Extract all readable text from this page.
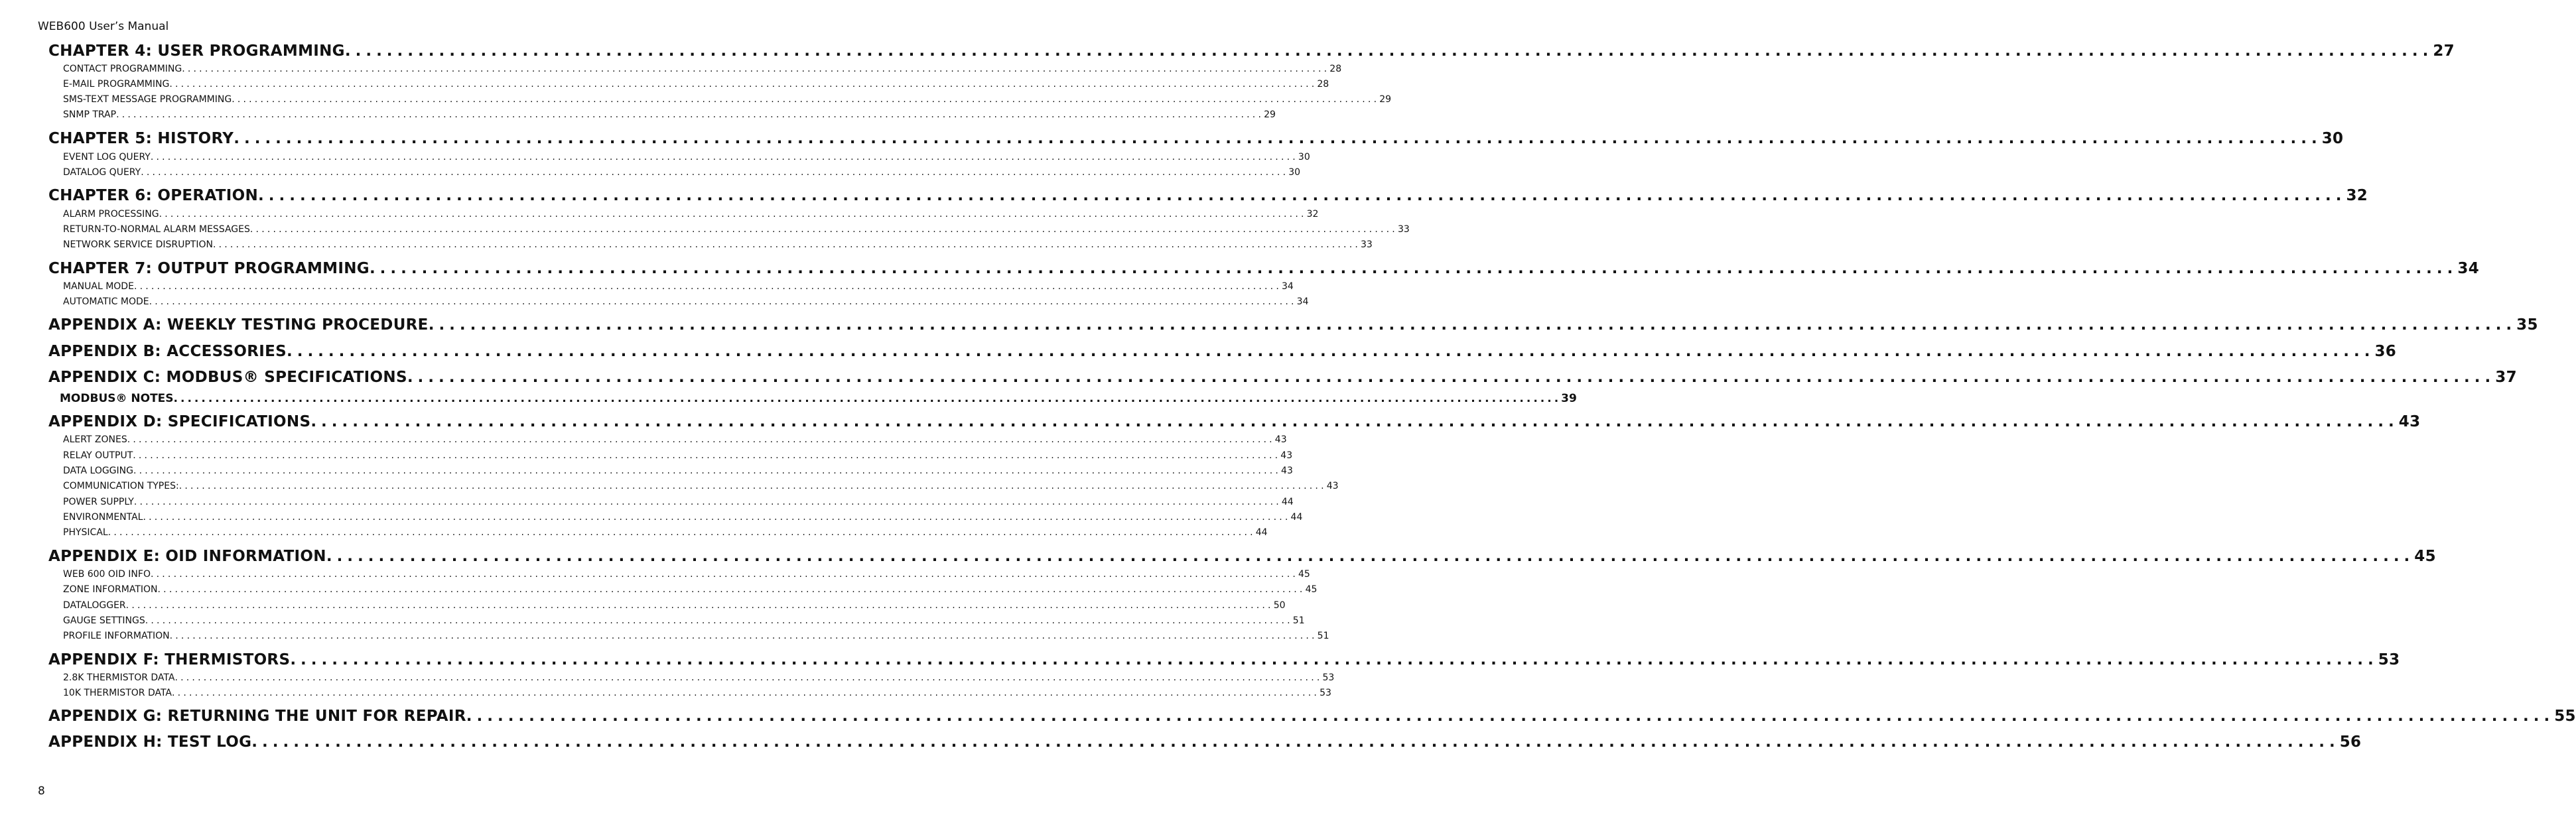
WEB600 User’s Manual
CHAPTER 4: USER PROGRAMMING ........................................................................................................................................................................................................ 27
CONTACT PROGRAMMING ........................................................................................................................................................................................................ 28
E-MAIL PROGRAMMING ........................................................................................................................................................................................................ 28
SMS-TEXT MESSAGE PROGRAMMING ........................................................................................................................................................................................................ 29
SNMP TRAP ........................................................................................................................................................................................................ 29
CHAPTER 5: HISTORY ........................................................................................................................................................................................................ 30
EVENT LOG QUERY ........................................................................................................................................................................................................ 30
DATALOG QUERY ........................................................................................................................................................................................................ 30
CHAPTER 6: OPERATION ........................................................................................................................................................................................................ 32
ALARM PROCESSING ........................................................................................................................................................................................................ 32
RETURN-TO-NORMAL ALARM MESSAGES ........................................................................................................................................................................................................ 33
NETWORK SERVICE DISRUPTION ........................................................................................................................................................................................................ 33
CHAPTER 7: OUTPUT PROGRAMMING ........................................................................................................................................................................................................ 34
MANUAL MODE ........................................................................................................................................................................................................ 34
AUTOMATIC MODE ........................................................................................................................................................................................................ 34
APPENDIX A: WEEKLY TESTING PROCEDURE ........................................................................................................................................................................................................ 35
APPENDIX B: ACCESSORIES ........................................................................................................................................................................................................ 36
APPENDIX C: MODBUS® SPECIFICATIONS ........................................................................................................................................................................................................ 37
MODBUS® NOTES ........................................................................................................................................................................................................ 39
APPENDIX D: SPECIFICATIONS ........................................................................................................................................................................................................ 43
ALERT ZONES ........................................................................................................................................................................................................ 43
RELAY OUTPUT ........................................................................................................................................................................................................ 43
DATA LOGGING ........................................................................................................................................................................................................ 43
COMMUNICATION TYPES: ........................................................................................................................................................................................................ 43
POWER SUPPLY ........................................................................................................................................................................................................ 44
ENVIRONMENTAL ........................................................................................................................................................................................................ 44
PHYSICAL ........................................................................................................................................................................................................ 44
APPENDIX E: OID INFORMATION ........................................................................................................................................................................................................ 45
WEB 600 OID INFO ........................................................................................................................................................................................................ 45
ZONE INFORMATION ........................................................................................................................................................................................................ 45
DATALOGGER ........................................................................................................................................................................................................ 50
GAUGE SETTINGS ........................................................................................................................................................................................................ 51
PROFILE INFORMATION ........................................................................................................................................................................................................ 51
APPENDIX F: THERMISTORS ........................................................................................................................................................................................................ 53
2.8K THERMISTOR DATA ........................................................................................................................................................................................................ 53
10K THERMISTOR DATA ........................................................................................................................................................................................................ 53
APPENDIX G: RETURNING THE UNIT FOR REPAIR ........................................................................................................................................................................................................ 55
APPENDIX H: TEST LOG ........................................................................................................................................................................................................ 56
8
